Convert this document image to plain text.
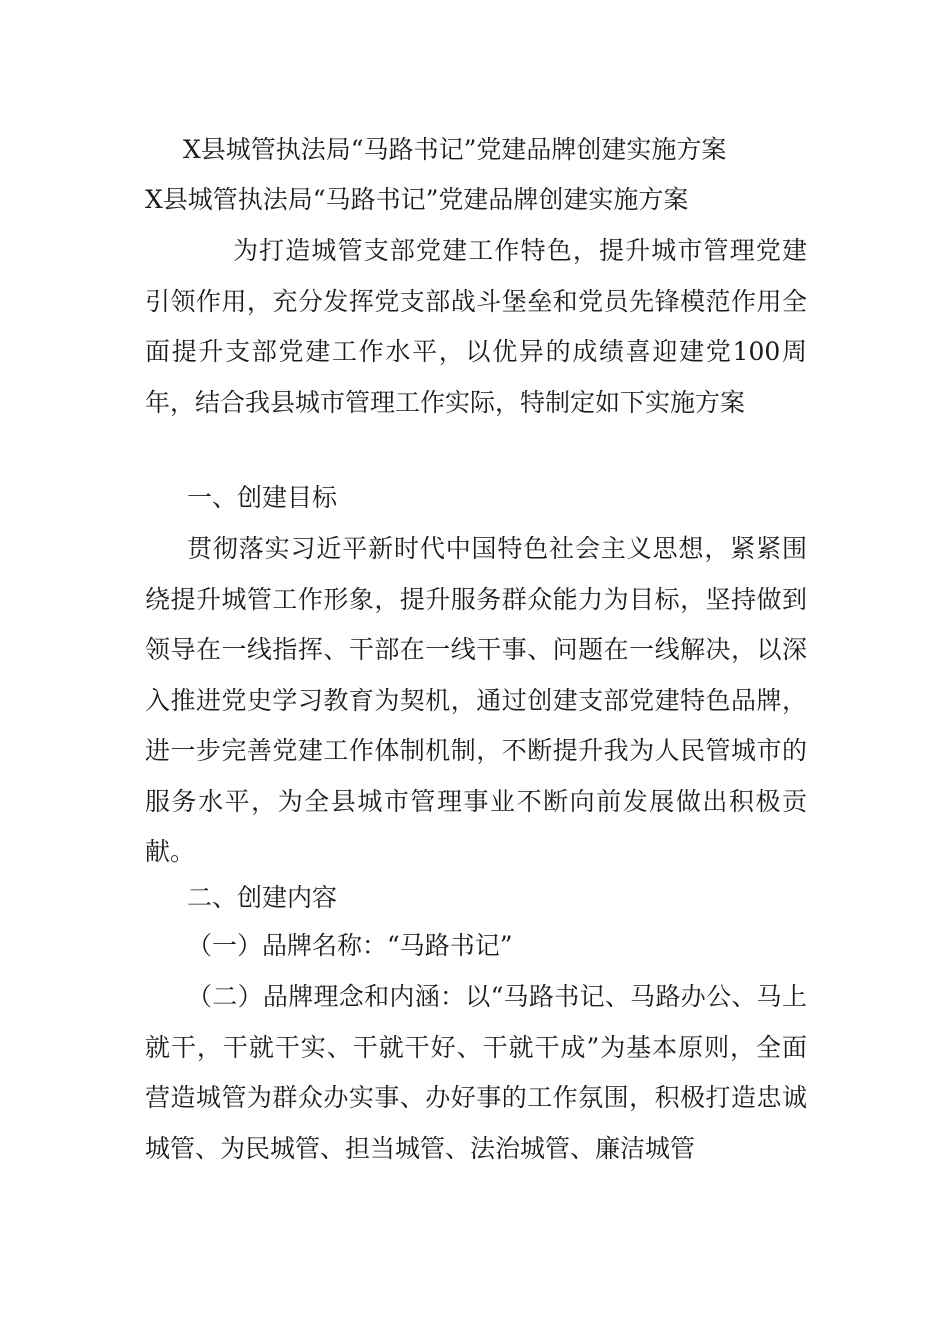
X县城管执法局“马路书记”党建品牌创建实施方案
X县城管执法局“马路书记”党建品牌创建实施方案

为打造城管支部党建工作特色，提升城市管理党建引领作用，充分发挥党支部战斗堡垒和党员先锋模范作用全面提升支部党建工作水平，以优异的成绩喜迎建党100周年，结合我县城市管理工作实际，特制定如下实施方案

一、创建目标

贯彻落实习近平新时代中国特色社会主义思想，紧紧围绕提升城管工作形象，提升服务群众能力为目标，坚持做到领导在一线指挥、干部在一线干事、问题在一线解决，以深入推进党史学习教育为契机，通过创建支部党建特色品牌，进一步完善党建工作体制机制，不断提升我为人民管城市的服务水平，为全县城市管理事业不断向前发展做出积极贡献。

二、创建内容

（一）品牌名称：“马路书记”

（二）品牌理念和内涵：以“马路书记、马路办公、马上就干，干就干实、干就干好、干就干成”为基本原则，全面营造城管为群众办实事、办好事的工作氛围，积极打造忠诚城管、为民城管、担当城管、法治城管、廉洁城管
